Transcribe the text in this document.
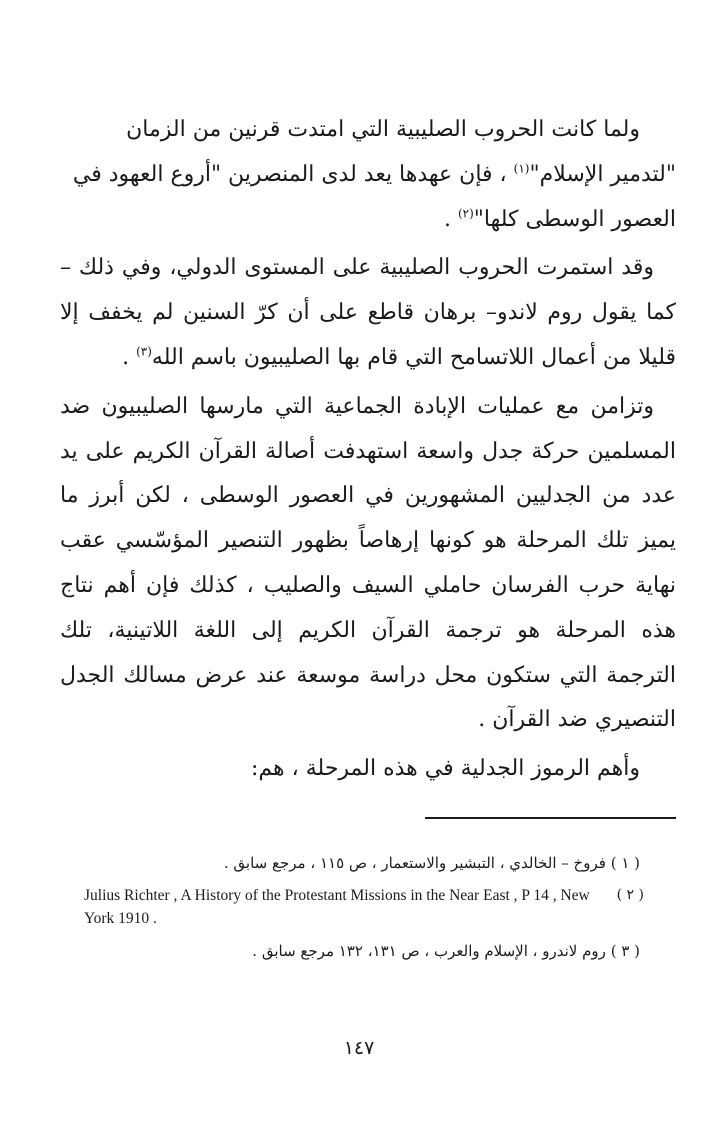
ولما كانت الحروب الصليبية التي امتدت قرنين من الزمان "لتدمير الإسلام"$^{(١)}$ ، فإن عهدها يعد لدى المنصرين "أروع العهود في العصور الوسطى كلها"$^{(٢)}$ .

وقد استمرت الحروب الصليبية على المستوى الدولي، وفي ذلك –كما يقول روم لاندو– برهان قاطع على أن كرّ السنين لم يخفف إلا قليلا من أعمال اللاتسامح التي قام بها الصليبيون باسم الله$^{(٣)}$ .

وتزامن مع عمليات الإبادة الجماعية التي مارسها الصليبيون ضد المسلمين حركة جدل واسعة استهدفت أصالة القرآن الكريم على يد عدد من الجدليين المشهورين في العصور الوسطى ، لكن أبرز ما يميز تلك المرحلة هو كونها إرهاصاً بظهور التنصير المؤسّسي عقب نهاية حرب الفرسان حاملي السيف والصليب ، كذلك فإن أهم نتاج هذه المرحلة هو ترجمة القرآن الكريم إلى اللغة اللاتينية، تلك الترجمة التي ستكون محل دراسة موسعة عند عرض مسالك الجدل التنصيري ضد القرآن .

وأهم الرموز الجدلية في هذه المرحلة ، هم:

( ١ ) فروخ – الخالدي ، التبشير والاستعمار ، ص ١١٥ ، مرجع سابق .
( ٢ )
Julius Richter , A History of the Protestant Missions in the Near East , P 14 , New York 1910 .
( ٣ ) روم لاندرو ، الإسلام والعرب ، ص ١٣١، ١٣٢ مرجع سابق .
١٤٧
